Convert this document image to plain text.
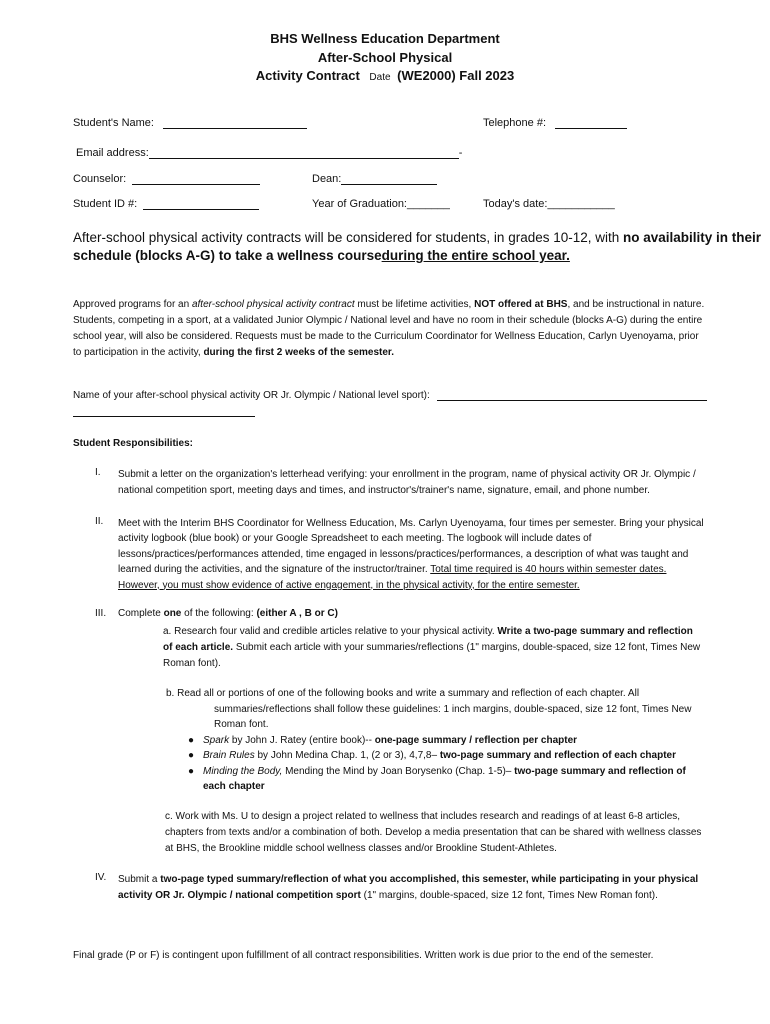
BHS Wellness Education Department
After-School Physical
Activity Contract Date (WE2000) Fall 2023
Student's Name:	Telephone #:
Email address:	-
Counselor:	Dean:
Student ID #:	Year of Graduation:_______	Today's date:___________
After-school physical activity contracts will be considered for students, in grades 10-12, with no availability in their
schedule (blocks A-G) to take a wellness courseduring the entire school year.
Approved programs for an after-school physical activity contract must be lifetime activities, NOT offered at BHS, and be instructional in nature.
Students, competing in a sport, at a validated Junior Olympic / National level and have no room in their schedule (blocks A-G) during the entire
school year, will also be considered. Requests must be made to the Curriculum Coordinator for Wellness Education, Carlyn Uyenoyama, prior
to participation in the activity, during the first 2 weeks of the semester.
Name of your after-school physical activity OR Jr. Olympic / National level sport):
Student Responsibilities:
I. Submit a letter on the organization's letterhead verifying: your enrollment in the program, name of physical activity OR Jr. Olympic /
national competition sport, meeting days and times, and instructor's/trainer's name, signature, email, and phone number.
II. Meet with the Interim BHS Coordinator for Wellness Education, Ms. Carlyn Uyenoyama, four times per semester. Bring your physical
activity logbook (blue book) or your Google Spreadsheet to each meeting. The logbook will include dates of
lessons/practices/performances attended, time engaged in lessons/practices/performances, a description of what was taught and
learned during the activities, and the signature of the instructor/trainer. Total time required is 40 hours within semester dates.
However, you must show evidence of active engagement, in the physical activity, for the entire semester.
III. Complete one of the following: (either A , B or C)
a. Research four valid and credible articles relative to your physical activity. Write a two-page summary and reflection
of each article. Submit each article with your summaries/reflections (1" margins, double-spaced, size 12 font, Times New
Roman font).
b. Read all or portions of one of the following books and write a summary and reflection of each chapter. All
summaries/reflections shall follow these guidelines: 1 inch margins, double-spaced, size 12 font, Times New
Roman font.
● Spark by John J. Ratey (entire book)-- one-page summary / reflection per chapter
● Brain Rules by John Medina Chap. 1, (2 or 3), 4,7,8– two-page summary and reflection of each chapter
● Minding the Body, Mending the Mind by Joan Borysenko (Chap. 1-5)– two-page summary and reflection of
each chapter
c. Work with Ms. U to design a project related to wellness that includes research and readings of at least 6-8 articles,
chapters from texts and/or a combination of both. Develop a media presentation that can be shared with wellness classes
at BHS, the Brookline middle school wellness classes and/or Brookline Student-Athletes.
IV. Submit a two-page typed summary/reflection of what you accomplished, this semester, while participating in your physical
activity OR Jr. Olympic / national competition sport (1" margins, double-spaced, size 12 font, Times New Roman font).
Final grade (P or F) is contingent upon fulfillment of all contract responsibilities. Written work is due prior to the end of the semester.
